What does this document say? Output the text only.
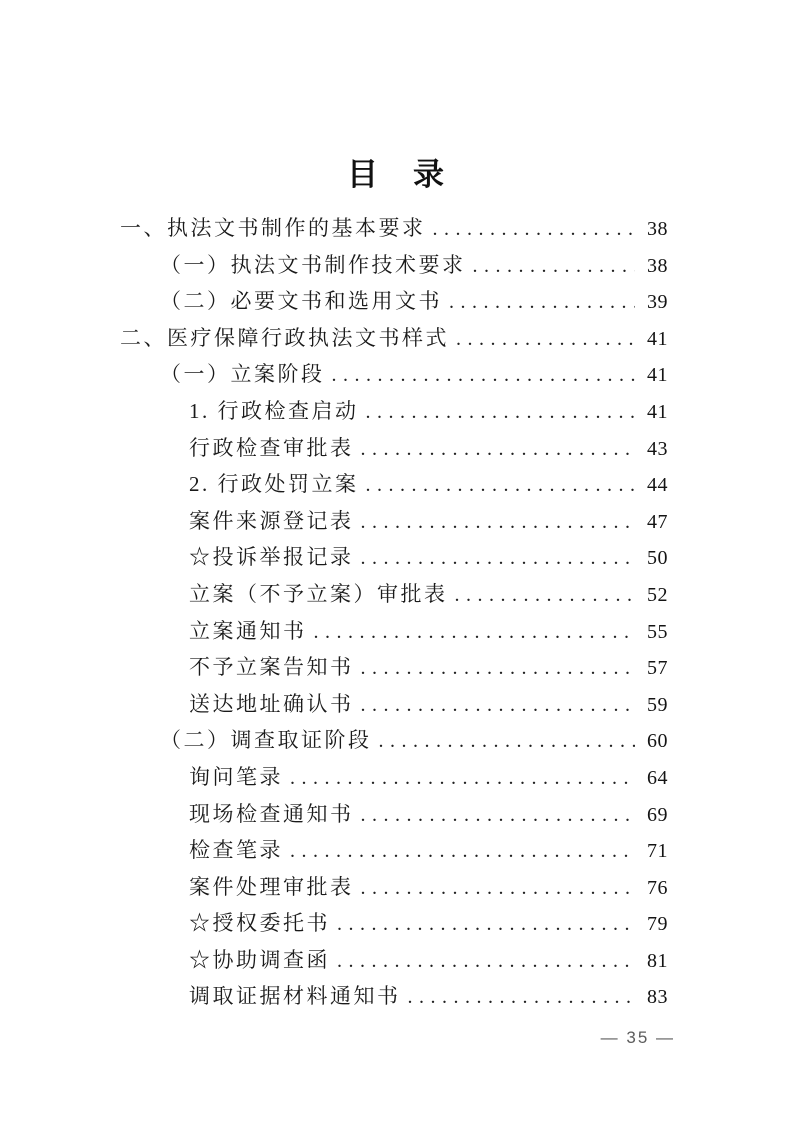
目　录
一、执法文书制作的基本要求 .....	38
（一）执法文书制作技术要求 .....	38
（二）必要文书和选用文书 .....	39
二、医疗保障行政执法文书样式 .....	41
（一）立案阶段 .....	41
1. 行政检查启动 .....	41
行政检查审批表 .....	43
2. 行政处罚立案 .....	44
案件来源登记表 .....	47
☆投诉举报记录 .....	50
立案（不予立案）审批表 .....	52
立案通知书 .....	55
不予立案告知书 .....	57
送达地址确认书 .....	59
（二）调查取证阶段 .....	60
询问笔录 .....	64
现场检查通知书 .....	69
检查笔录 .....	71
案件处理审批表 .....	76
☆授权委托书 .....	79
☆协助调查函 .....	81
调取证据材料通知书 .....	83
— 35 —
